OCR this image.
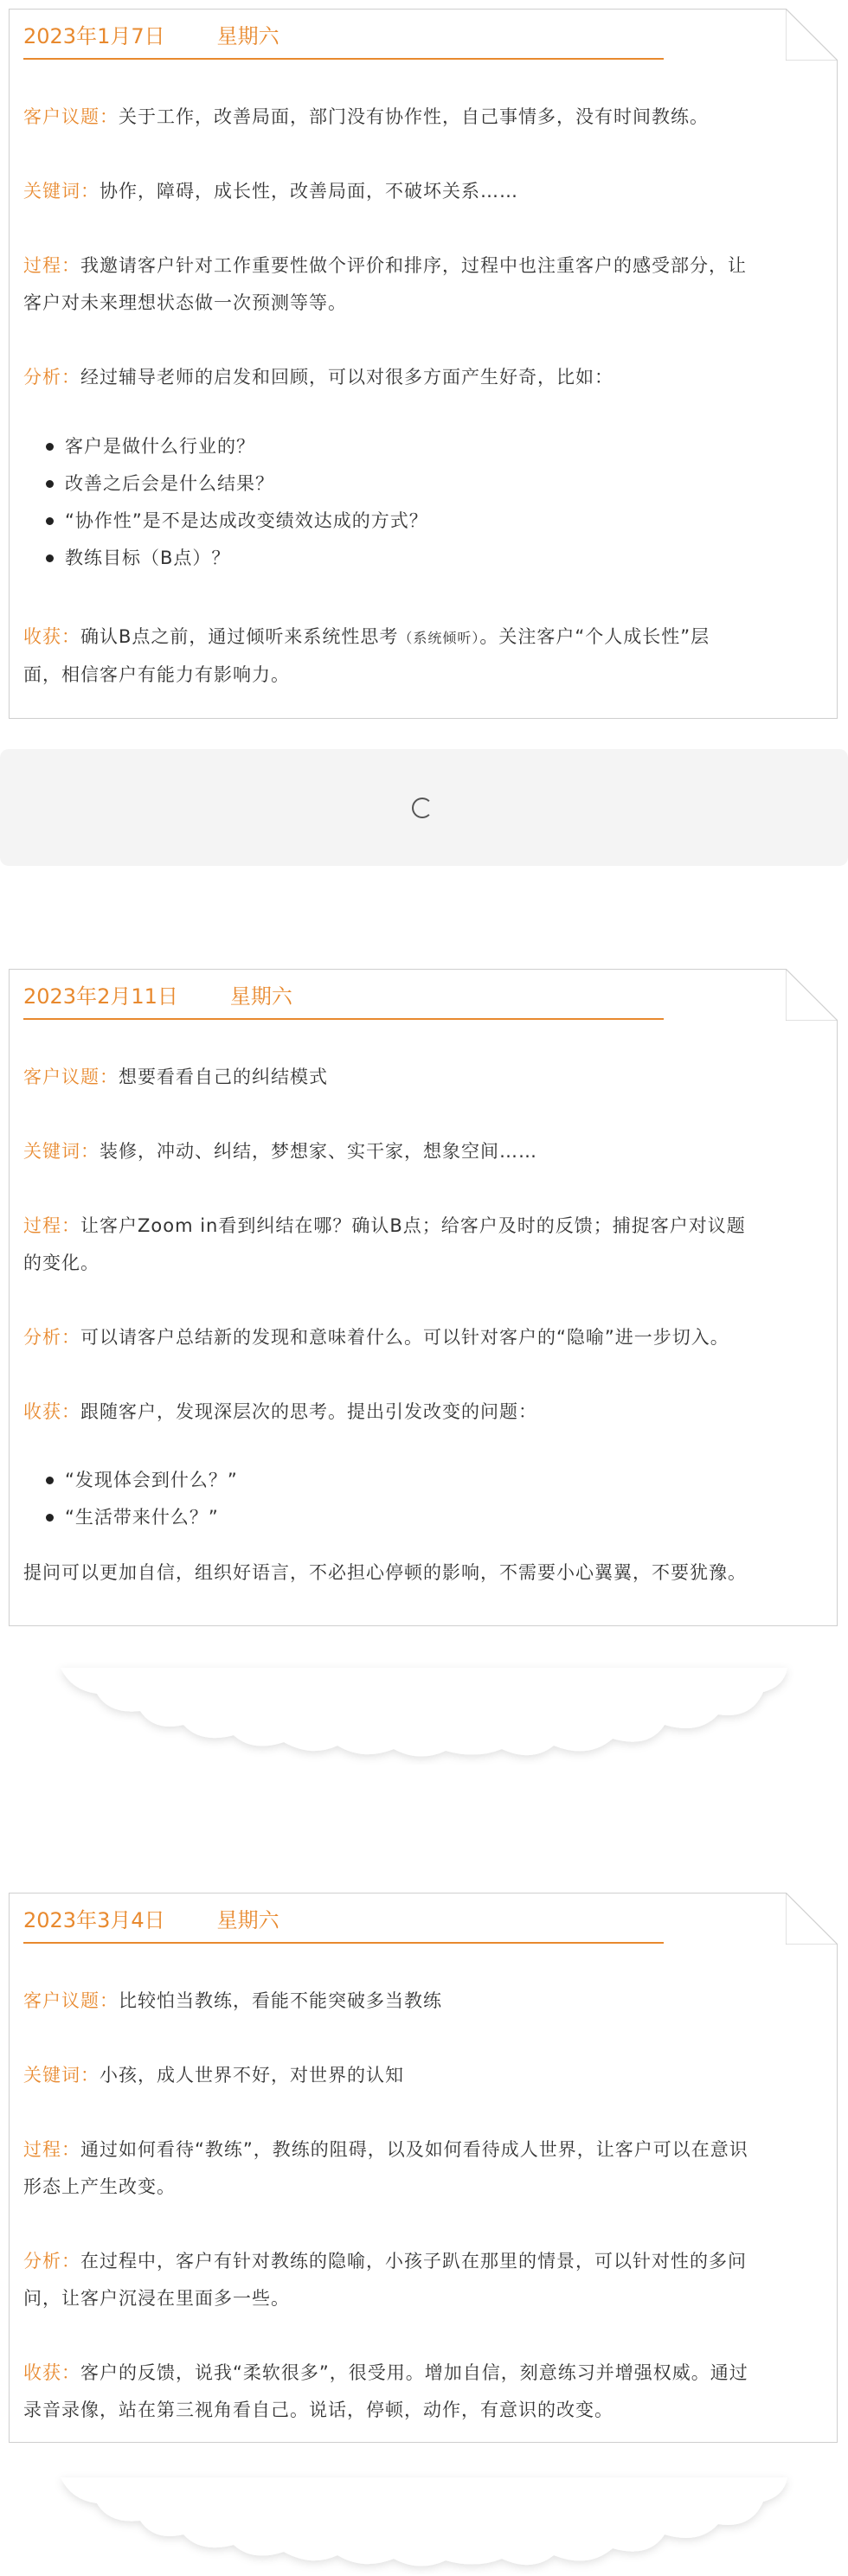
2023年1月7日	星期六
客户议题：关于工作，改善局面，部门没有协作性，自己事情多，没有时间教练。
关键词：协作，障碍，成长性，改善局面，不破坏关系……
过程：我邀请客户针对工作重要性做个评价和排序，过程中也注重客户的感受部分，让
客户对未来理想状态做一次预测等等。
分析：经过辅导老师的启发和回顾，可以对很多方面产生好奇，比如：
客户是做什么行业的？
改善之后会是什么结果？
“协作性”是不是达成改变绩效达成的方式？
教练目标（B点）？
收获：确认B点之前，通过倾听来系统性思考（系统倾听）。关注客户“个人成长性”层
面，相信客户有能力有影响力。
2023年2月11日	星期六
客户议题：想要看看自己的纠结模式
关键词：装修，冲动、纠结，梦想家、实干家，想象空间……
过程：让客户Zoom in看到纠结在哪？确认B点；给客户及时的反馈；捕捉客户对议题
的变化。
分析：可以请客户总结新的发现和意味着什么。可以针对客户的“隐喻”进一步切入。
收获：跟随客户，发现深层次的思考。提出引发改变的问题：
“发现体会到什么？”
“生活带来什么？”
提问可以更加自信，组织好语言，不必担心停顿的影响，不需要小心翼翼，不要犹豫。
2023年3月4日	星期六
客户议题：比较怕当教练，看能不能突破多当教练
关键词：小孩，成人世界不好，对世界的认知
过程：通过如何看待“教练”，教练的阻碍，以及如何看待成人世界，让客户可以在意识
形态上产生改变。
分析：在过程中，客户有针对教练的隐喻，小孩子趴在那里的情景，可以针对性的多问
问，让客户沉浸在里面多一些。
收获：客户的反馈，说我“柔软很多”，很受用。增加自信，刻意练习并增强权威。通过
录音录像，站在第三视角看自己。说话，停顿，动作，有意识的改变。
